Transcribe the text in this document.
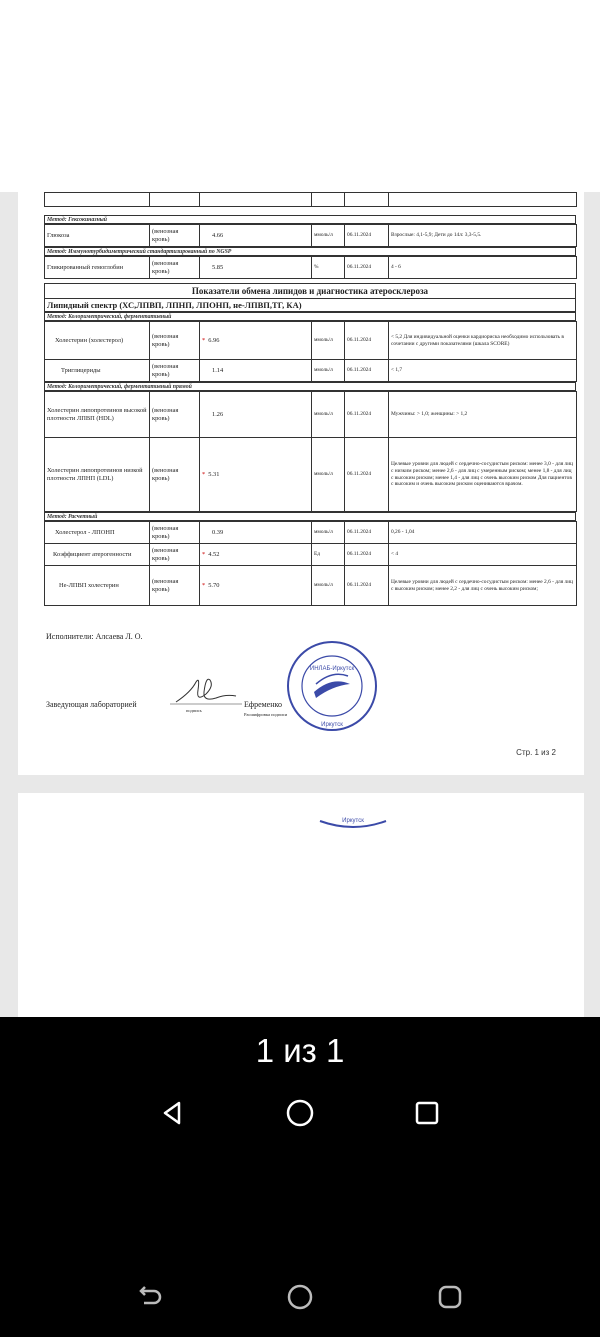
Метод: Гексокиназный
Глюкоза	(венозная кровь)	4.66	ммоль/л	06.11.2024	Взрослые: 4,1-5,9; Дети до 14л: 3,3-5,5.
Метод: Иммунотурбидиметрический стандартизированный по NGSP
Гликированный гемоглобин	(венозная кровь)	5.85	%	06.11.2024	4 - 6
Показатели обмена липидов и диагностика атеросклероза
Липидный спектр (ХС,ЛПВП, ЛПНП, ЛПОНП, не-ЛПВП,ТГ, КА)
Метод: Колориметрический, ферментативный
Холестерин (холестерол)	(венозная кровь)	* 6.96	ммоль/л	06.11.2024	< 5,2 Для индивидуальной оценки кардиориска необходимо использовать в сочетании с другими показателями (шкала SCORE)
Триглицериды	(венозная кровь)	1.14	ммоль/л	06.11.2024	< 1,7
Метод: Колориметрический, ферментативный прямой
Холестерин липопротеинов высокой плотности ЛПВП (HDL)	(венозная кровь)	1.26	ммоль/л	06.11.2024	Мужчины: > 1,0; женщины: > 1,2
Холестерин липопротеинов низкой плотности ЛПНП (LDL)	(венозная кровь)	* 5.31	ммоль/л	06.11.2024	Целевые уровни для людей с сердечно-сосудистым риском: менее 3,0 - для лиц с низким риском; менее 2,6 - для лиц с умеренным риском; менее 1,8 - для лиц с высоким риском; менее 1,4 - для лиц с очень высоким риском Для пациентов с высоким и очень высоким риском оцениваются врачом.
Метод: Расчетный
Холестерол - ЛПОНП	(венозная кровь)	0.39	ммоль/л	06.11.2024	0,26 - 1,04
Коэффициент атерогенности	(венозная кровь)	* 4.52	Ед	06.11.2024	< 4
Не-ЛПВП холестерин	(венозная кровь)	* 5.70	ммоль/л	06.11.2024	Целевые уровни для людей с сердечно-сосудистым риском: менее 2,6 - для лиц с высоким риском; менее 2,2 - для лиц с очень высоким риском;
Исполнители: Алсаева Л. О.
Заведующая лабораторией
подпись
Ефременко
Расшифровка подписи
ИНЛАБ-Иркутск
Иркутск
Стр. 1 из 2
Иркутск
1 из 1
